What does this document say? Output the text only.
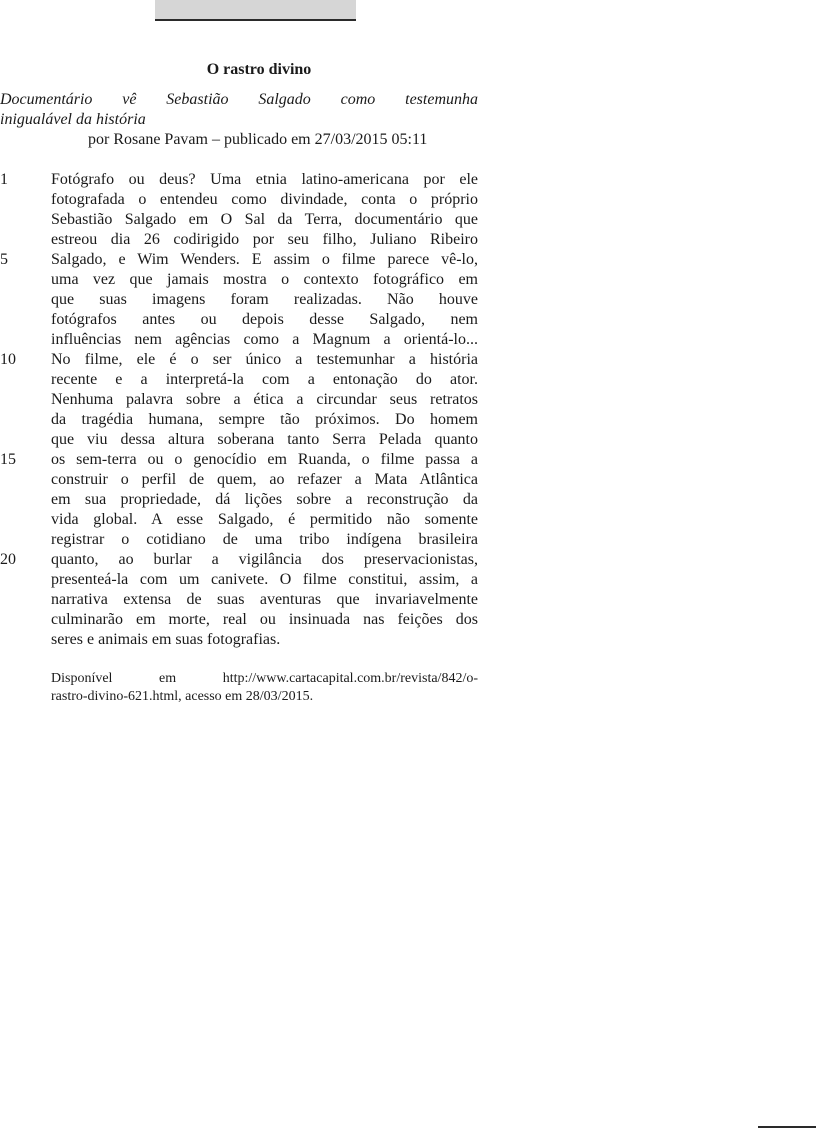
O rastro divino

Documentário vê Sebastião Salgado como testemunha

inigualável da história

por Rosane Pavam – publicado em 27/03/2015 05:11

1	Fotógrafo ou deus? Uma etnia latino-americana por ele
fotografada o entendeu como divindade, conta o próprio
Sebastião Salgado em O Sal da Terra, documentário que
estreou dia 26 codirigido por seu filho, Juliano Ribeiro
5	Salgado, e Wim Wenders. E assim o filme parece vê-lo,
uma vez que jamais mostra o contexto fotográfico em
que suas imagens foram realizadas. Não houve
fotógrafos antes ou depois desse Salgado, nem
influências nem agências como a Magnum a orientá-lo...
10 No filme, ele é o ser único a testemunhar a história
recente e a interpretá-la com a entonação do ator.
Nenhuma palavra sobre a ética a circundar seus retratos
da tragédia humana, sempre tão próximos. Do homem
que viu dessa altura soberana tanto Serra Pelada quanto
15 os sem-terra ou o genocídio em Ruanda, o filme passa a
construir o perfil de quem, ao refazer a Mata Atlântica
em sua propriedade, dá lições sobre a reconstrução da
vida global. A esse Salgado, é permitido não somente
registrar o cotidiano de uma tribo indígena brasileira
20 quanto, ao burlar a vigilância dos preservacionistas,
presenteá-la com um canivete. O filme constitui, assim, a
narrativa extensa de suas aventuras que invariavelmente
culminarão em morte, real ou insinuada nas feições dos
seres e animais em suas fotografias.
Disponível em http://www.cartacapital.com.br/revista/842/o-
rastro-divino-621.html, acesso em 28/03/2015.
